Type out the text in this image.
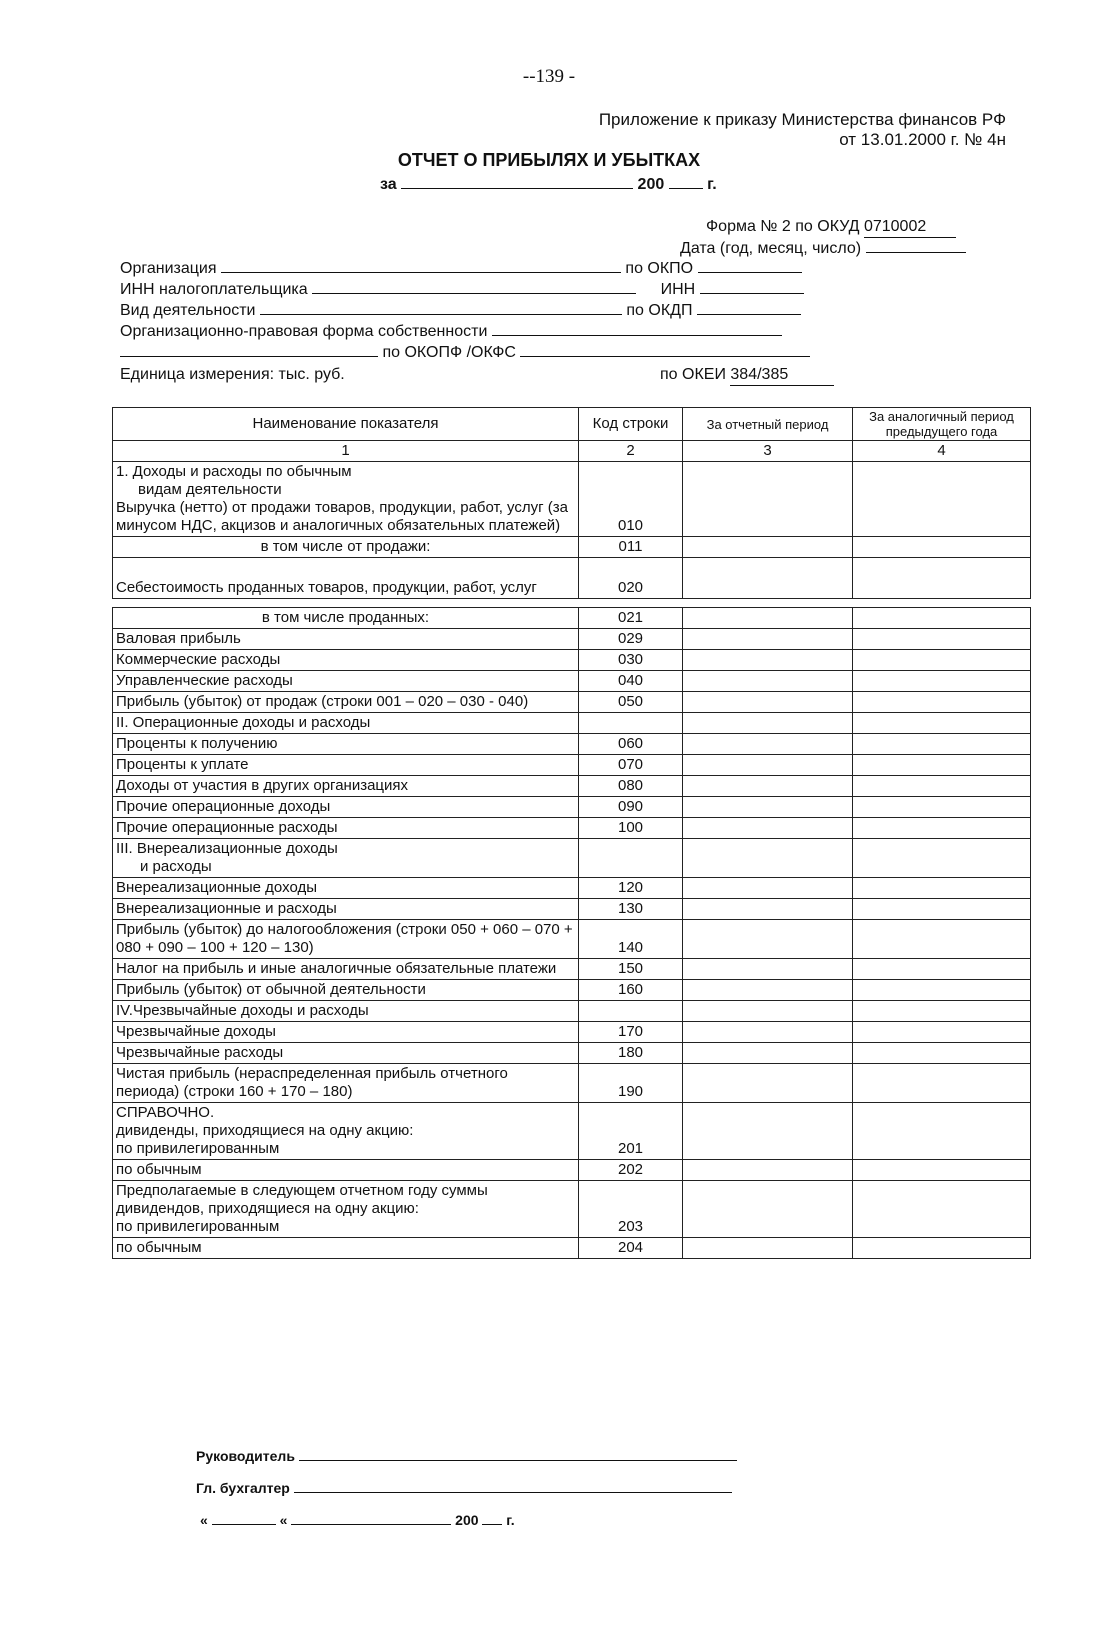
--139 -
Приложение к приказу Министерства финансов РФ
от 13.01.2000 г. № 4н
ОТЧЕТ О ПРИБЫЛЯХ И УБЫТКАХ
за	200	г.
Форма № 2 по ОКУД 0710002
Дата (год, месяц, число)
Организация	по ОКПО
ИНН налогоплательщика	ИНН
Вид деятельности	по ОКДП
Организационно-правовая форма собственности
по ОКОПФ /ОКФС
Единица измерения: тыс. руб.	по ОКЕИ 384/385
Наименование показателя	Код строки	За отчетный период	За аналогичный период предыдущего года
1	2	3	4

1. Доходы и расходы по обычным
видам деятельности
Выручка (нетто) от продажи товаров, продукции, работ, услуг (за минусом НДС, акцизов и аналогичных обязательных платежей)	010		
в том числе от продажи:	011		
Себестоимость проданных товаров, продукции, работ, услуг	020		

в том числе проданных:	021		
Валовая прибыль	029		
Коммерческие расходы	030		
Управленческие расходы	040		
Прибыль (убыток) от продаж (строки 001 – 020 – 030 - 040)	050		
II. Операционные доходы и расходы			
Проценты к получению	060		
Проценты к уплате	070		
Доходы от участия в других организациях	080		
Прочие операционные доходы	090		
Прочие операционные расходы	100		

III. Внереализационные доходы
и расходы			

Внереализационные доходы	120		
Внереализационные и расходы	130		
Прибыль (убыток) до налогообложения (строки 050 + 060 – 070 + 080 + 090 – 100 + 120 – 130)	140		
Налог на прибыль и иные аналогичные обязательные платежи	150		
Прибыль (убыток) от обычной деятельности	160		
IV.Чрезвычайные доходы и расходы			
Чрезвычайные доходы	170		
Чрезвычайные расходы	180		
Чистая прибыль (нераспределенная прибыль отчетного периода) (строки 160 + 170 – 180)	190		

СПРАВОЧНО.
дивиденды, приходящиеся на одну акцию:
по привилегированным	201		
по обычным	202		

Предполагаемые в следующем отчетном году суммы дивидендов, приходящиеся на одну акцию:
по привилегированным	203		
по обычным	204		
Руководитель
Гл. бухгалтер
«	«	200 г.
